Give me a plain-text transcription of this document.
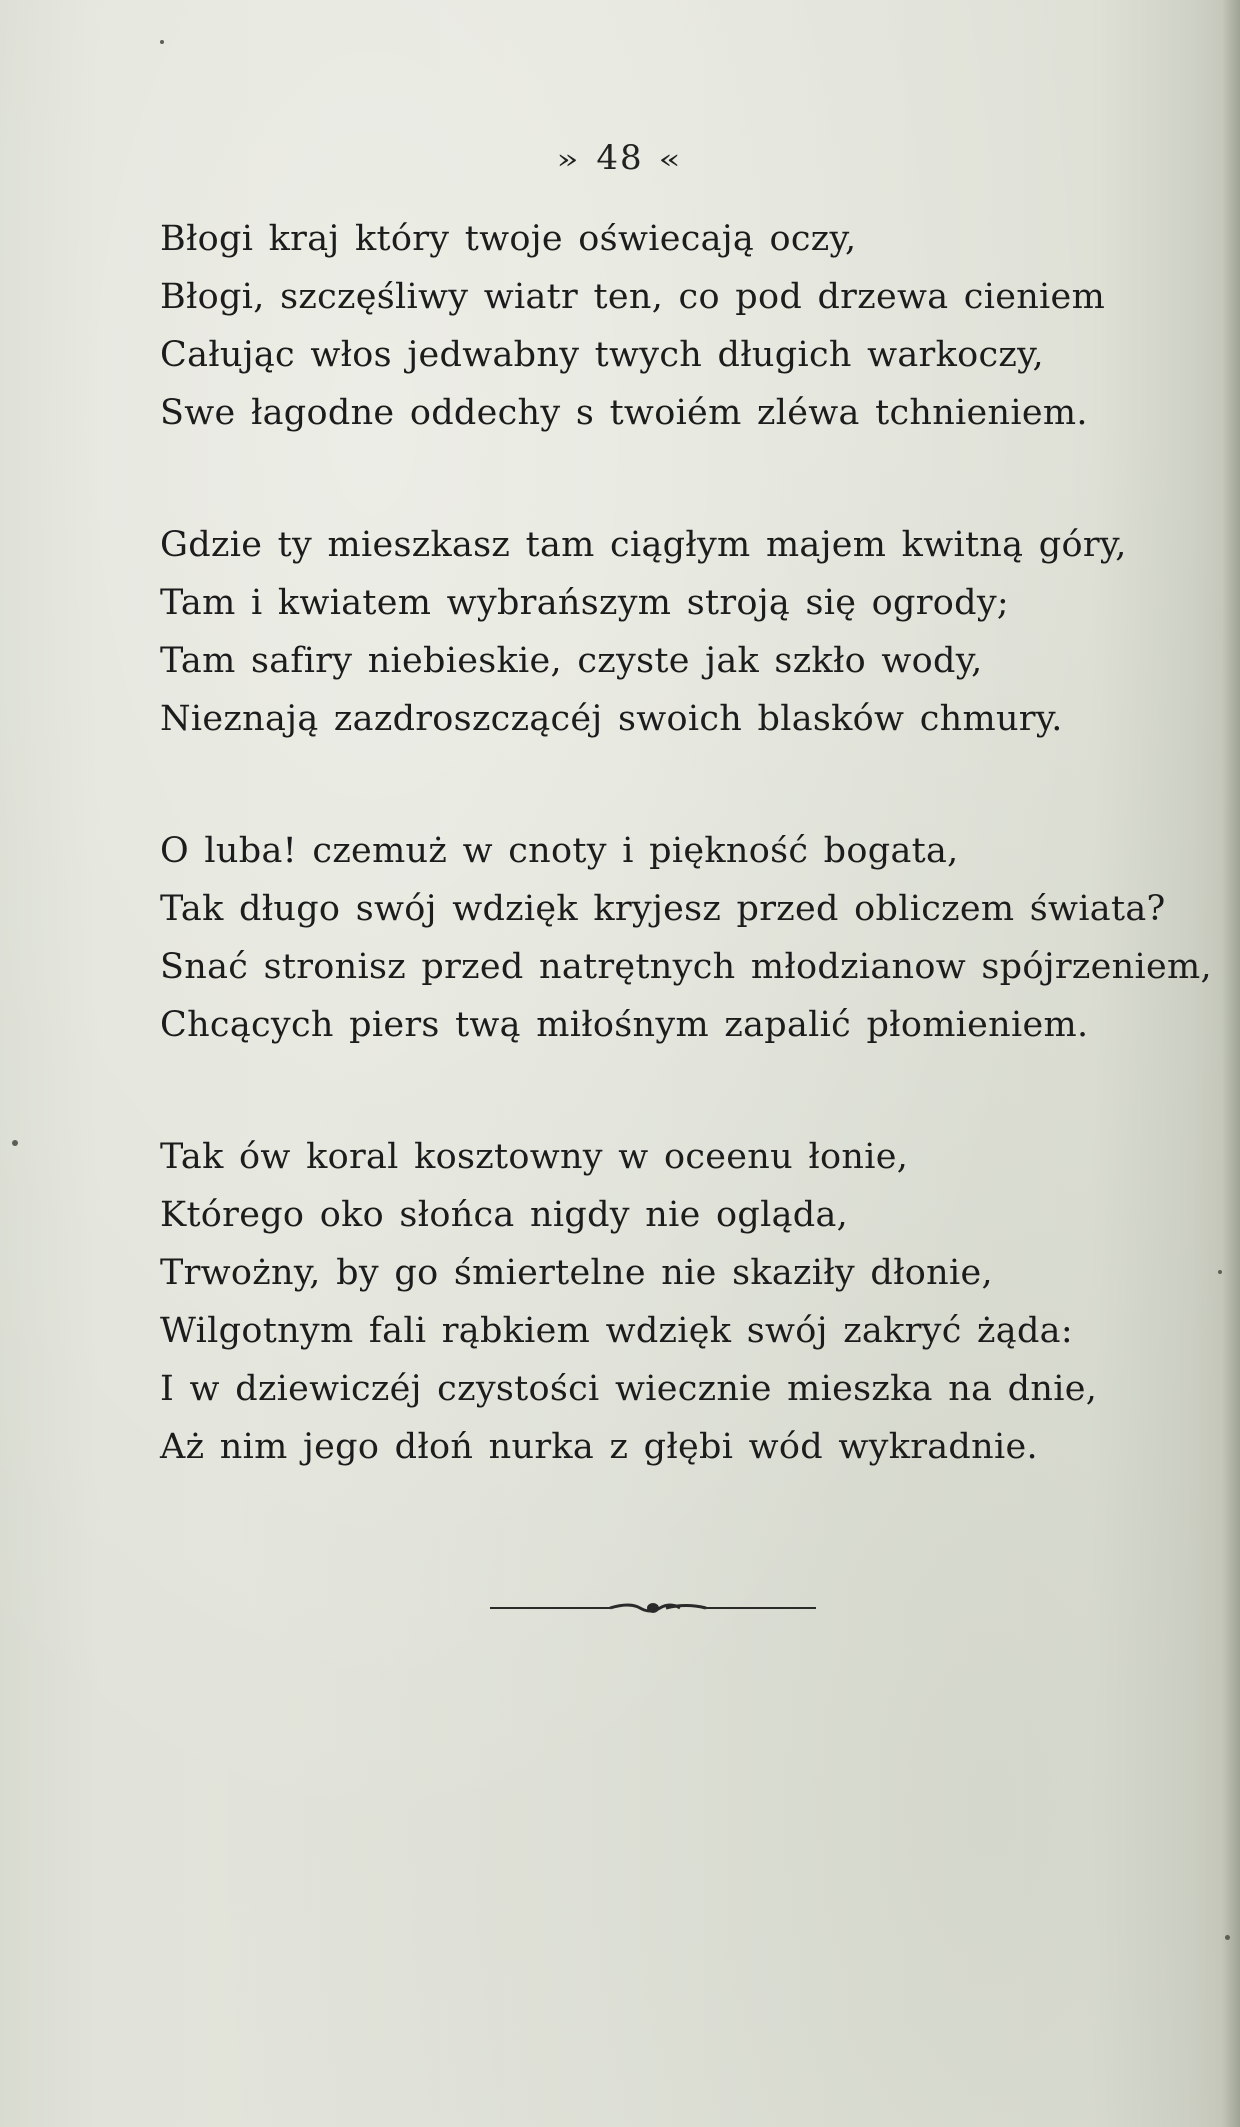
» 48 «
Błogi kraj który twoje oświecają oczy,
Błogi, szczęśliwy wiatr ten, co pod drzewa cieniem
Całując włos jedwabny twych długich warkoczy,
Swe łagodne oddechy s twoiém zléwa tchnieniem.
Gdzie ty mieszkasz tam ciągłym majem kwitną góry,
Tam i kwiatem wybrańszym stroją się ogrody;
Tam safiry niebieskie, czyste jak szkło wody,
Nieznają zazdroszczącéj swoich blasków chmury.
O luba! czemuż w cnoty i piękność bogata,
Tak długo swój wdzięk kryjesz przed obliczem świata?
Snać stronisz przed natrętnych młodzianow spójrzeniem,
Chcących piers twą miłośnym zapalić płomieniem.
Tak ów koral kosztowny w oceenu łonie,
Którego oko słońca nigdy nie ogląda,
Trwożny, by go śmiertelne nie skaziły dłonie,
Wilgotnym fali rąbkiem wdzięk swój zakryć żąda:
I w dziewiczéj czystości wiecznie mieszka na dnie,
Aż nim jego dłoń nurka z głębi wód wykradnie.
